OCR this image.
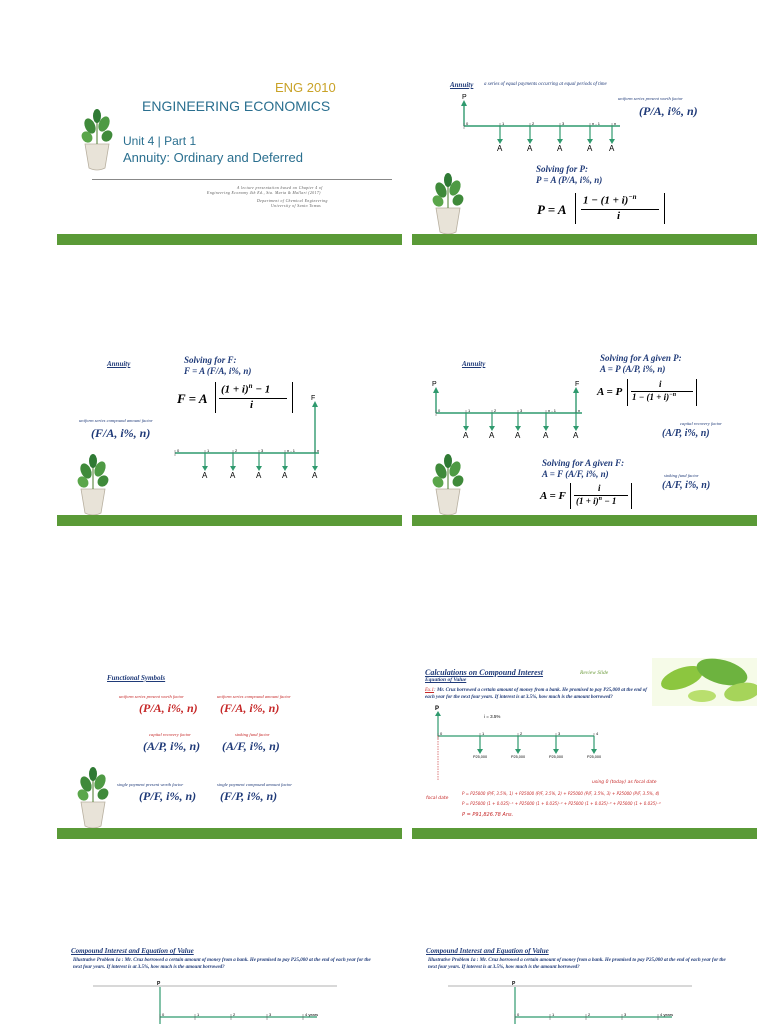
ENG 2010
ENGINEERING ECONOMICS
Unit 4 | Part 1
Annuity: Ordinary and Deferred
A lecture presentation based on Chapter 4 of
Engineering Economy 4th Ed., Sta. Maria & Mallari (2017)
Department of Chemical Engineering
University of Santo Tomas
Annuity a series of equal payments occurring at equal periods of time
uniform series present worth factor
(P/A, i%, n)
P
0	1	2	3	n - 1	n
A	A	A	A A
Solving for P:
P = A (P/A, i%, n)
P = A
$1 - (1 + i)^{-n}$
i
Annuity	Solving for F:
F = A (F/A, i%, n)
F = A
$(1 + i)^n - 1$
i
uniform series compound amount factor
(F/A, i%, n)
F
0	1	2	3	n - 1	n
A	A	A	A	A
Annuity
Solving for A given P:
A = P (A/P, i%, n)
A = P
i
$1 - (1 + i)^{-n}$
capital recovery factor
(A/P, i%, n)
P	F
0	1	2	3	n - 1	n
A	A	A	A	A
Solving for A given F:
A = F (A/F, i%, n)
A = F
i
$(1 + i)^n - 1$
sinking fund factor
(A/F, i%, n)
Functional Symbols
uniform series present worth factor
(P/A, i%, n)
uniform series compound amount factor
(F/A, i%, n)
capital recovery factor
(A/P, i%, n)
sinking fund factor
(A/F, i%, n)
single payment present worth factor
(P/F, i%, n)
single payment compound amount factor
(F/P, i%, n)
Calculations on Compound Interest	Review Slide
Equation of Value
Ex.1: Mr. Cruz borrowed a certain amount of money from a bank. He promised to pay P25,000 at the end of each year for the next four years. If interest is at 3.5%, how much is the amount borrowed?
P
i = 3.5%
0	1	2	3	4
P25,000	P25,000	P25,000	P25,000
focal date
using 0 (today) as focal date
P = P25000 (P/F, 3.5%, 1) + P25000 (P/F, 3.5%, 2) + P25000 (P/F, 3.5%, 3) + P25000 (P/F, 3.5%, 4)
P = P25000 (1 + 0.035)⁻¹ + P25000 (1 + 0.035)⁻² + P25000 (1 + 0.035)⁻³ + P25000 (1 + 0.035)⁻⁴
P = P91,826.78 Ans.
Compound Interest and Equation of Value
Illustrative Problem 1a : Mr. Cruz borrowed a certain amount of money from a bank. He promised to pay P25,000 at the end of each year for the next four years. If interest is at 3.5%, how much is the amount borrowed?
P
0	1	2	3	4 years
Compound Interest and Equation of Value
Illustrative Problem 1a : Mr. Cruz borrowed a certain amount of money from a bank. He promised to pay P25,000 at the end of each year for the next four years. If interest is at 3.5%, how much is the amount borrowed?
P
0	1	2	3	4 years
